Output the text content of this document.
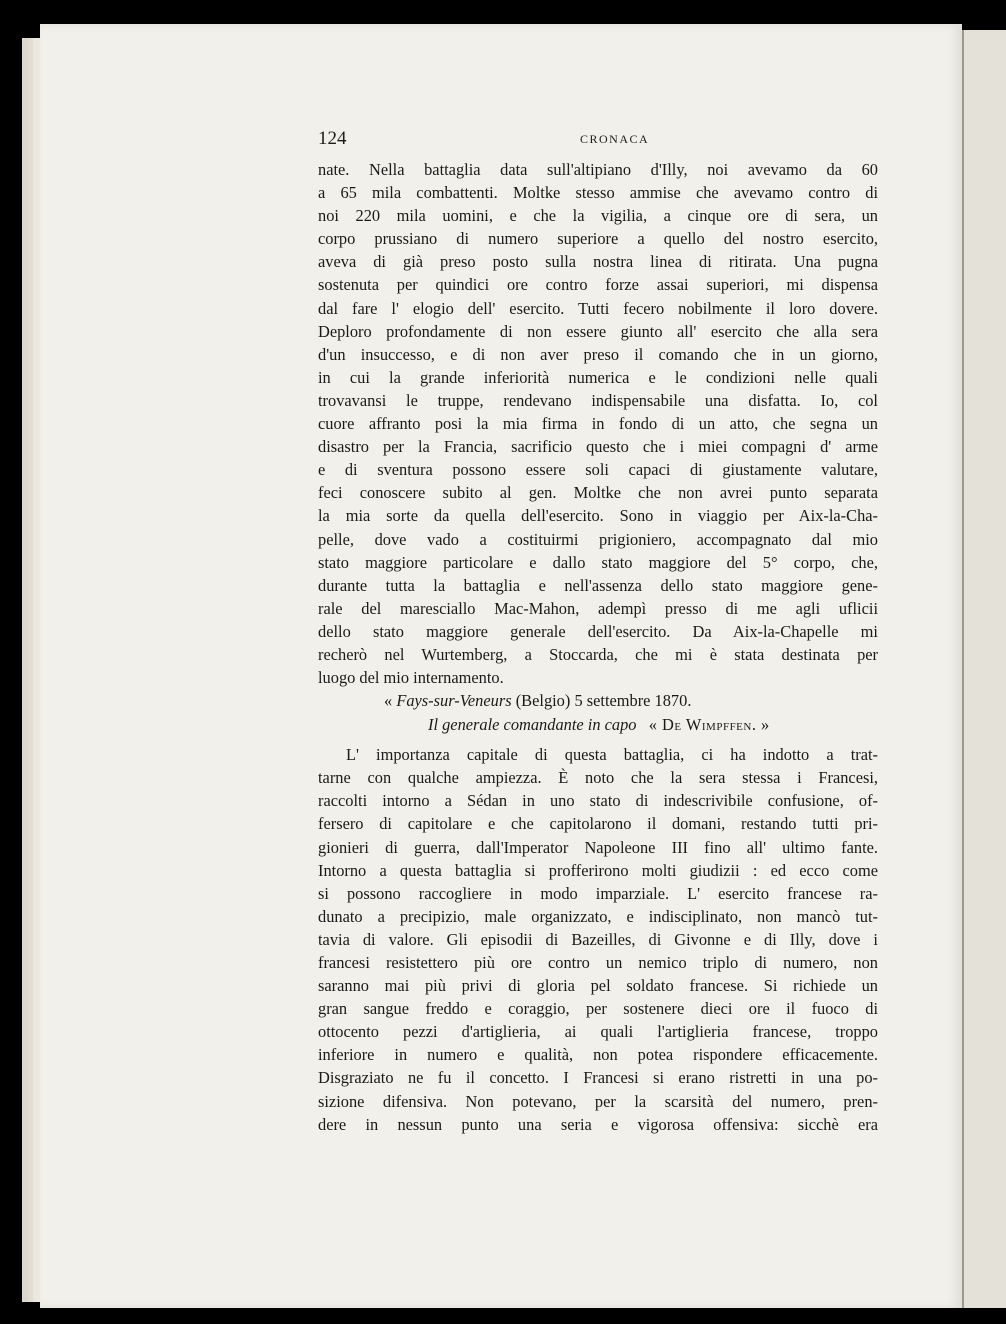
124	CRONACA
nate. Nella battaglia data sull'altipiano d'Illy, noi avevamo da 60
a 65 mila combattenti. Moltke stesso ammise che avevamo contro di
noi 220 mila uomini, e che la vigilia, a cinque ore di sera, un
corpo prussiano di numero superiore a quello del nostro esercito,
aveva di già preso posto sulla nostra linea di ritirata. Una pugna
sostenuta per quindici ore contro forze assai superiori, mi dispensa
dal fare l' elogio dell' esercito. Tutti fecero nobilmente il loro dovere.
Deploro profondamente di non essere giunto all' esercito che alla sera
d'un insuccesso, e di non aver preso il comando che in un giorno,
in cui la grande inferiorità numerica e le condizioni nelle quali
trovavansi le truppe, rendevano indispensabile una disfatta. Io, col
cuore affranto posi la mia firma in fondo di un atto, che segna un
disastro per la Francia, sacrificio questo che i miei compagni d' arme
e di sventura possono essere soli capaci di giustamente valutare,
feci conoscere subito al gen. Moltke che non avrei punto separata
la mia sorte da quella dell'esercito. Sono in viaggio per Aix-la-Cha-
pelle, dove vado a costituirmi prigioniero, accompagnato dal mio
stato maggiore particolare e dallo stato maggiore del 5° corpo, che,
durante tutta la battaglia e nell'assenza dello stato maggiore gene-
rale del maresciallo Mac-Mahon, adempì presso di me agli uflicii
dello stato maggiore generale dell'esercito. Da Aix-la-Chapelle mi
recherò nel Wurtemberg, a Stoccarda, che mi è stata destinata per
luogo del mio internamento.
« Fays-sur-Veneurs (Belgio) 5 settembre 1870.
Il generale comandante in capo « De Wimpffen. »
L' importanza capitale di questa battaglia, ci ha indotto a trat-
tarne con qualche ampiezza. È noto che la sera stessa i Francesi,
raccolti intorno a Sédan in uno stato di indescrivibile confusione, of-
fersero di capitolare e che capitolarono il domani, restando tutti pri-
gionieri di guerra, dall'Imperator Napoleone III fino all' ultimo fante.
Intorno a questa battaglia si profferirono molti giudizii : ed ecco come
si possono raccogliere in modo imparziale. L' esercito francese ra-
dunato a precipizio, male organizzato, e indisciplinato, non mancò tut-
tavia di valore. Gli episodii di Bazeilles, di Givonne e di Illy, dove i
francesi resistettero più ore contro un nemico triplo di numero, non
saranno mai più privi di gloria pel soldato francese. Si richiede un
gran sangue freddo e coraggio, per sostenere dieci ore il fuoco di
ottocento pezzi d'artiglieria, ai quali l'artiglieria francese, troppo
inferiore in numero e qualità, non potea rispondere efficacemente.
Disgraziato ne fu il concetto. I Francesi si erano ristretti in una po-
sizione difensiva. Non potevano, per la scarsità del numero, pren-
dere in nessun punto una seria e vigorosa offensiva: sicchè era
